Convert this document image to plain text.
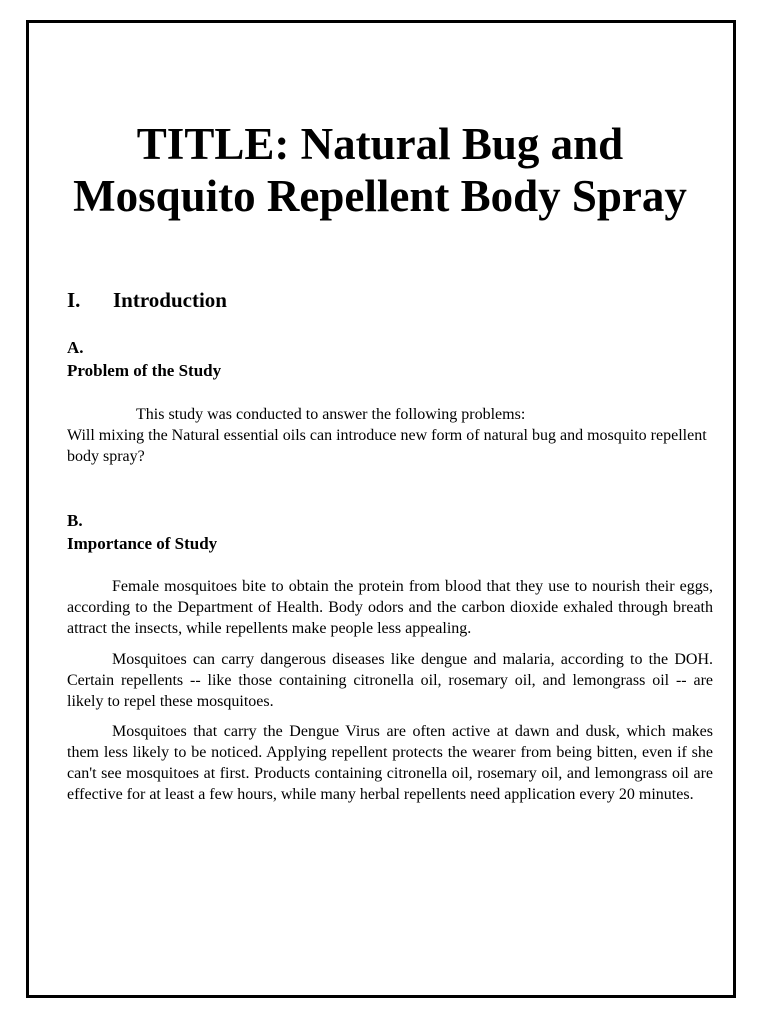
TITLE: Natural Bug and
Mosquito Repellent Body Spray
I. Introduction
A.
Problem of the Study
This study was conducted to answer the following problems:
Will mixing the Natural essential oils can introduce new form of natural bug and mosquito repellent body spray?
B.
Importance of Study

Female mosquitoes bite to obtain the protein from blood that they use to nourish their eggs, according to the Department of Health. Body odors and the carbon dioxide exhaled through breath attract the insects, while repellents make people less appealing.

Mosquitoes can carry dangerous diseases like dengue and malaria, according to the DOH. Certain repellents -- like those containing citronella oil, rosemary oil, and lemongrass oil -- are likely to repel these mosquitoes.

Mosquitoes that carry the Dengue Virus are often active at dawn and dusk, which makes them less likely to be noticed. Applying repellent protects the wearer from being bitten, even if she can't see mosquitoes at first. Products containing citronella oil, rosemary oil, and lemongrass oil are effective for at least a few hours, while many herbal repellents need application every 20 minutes.
